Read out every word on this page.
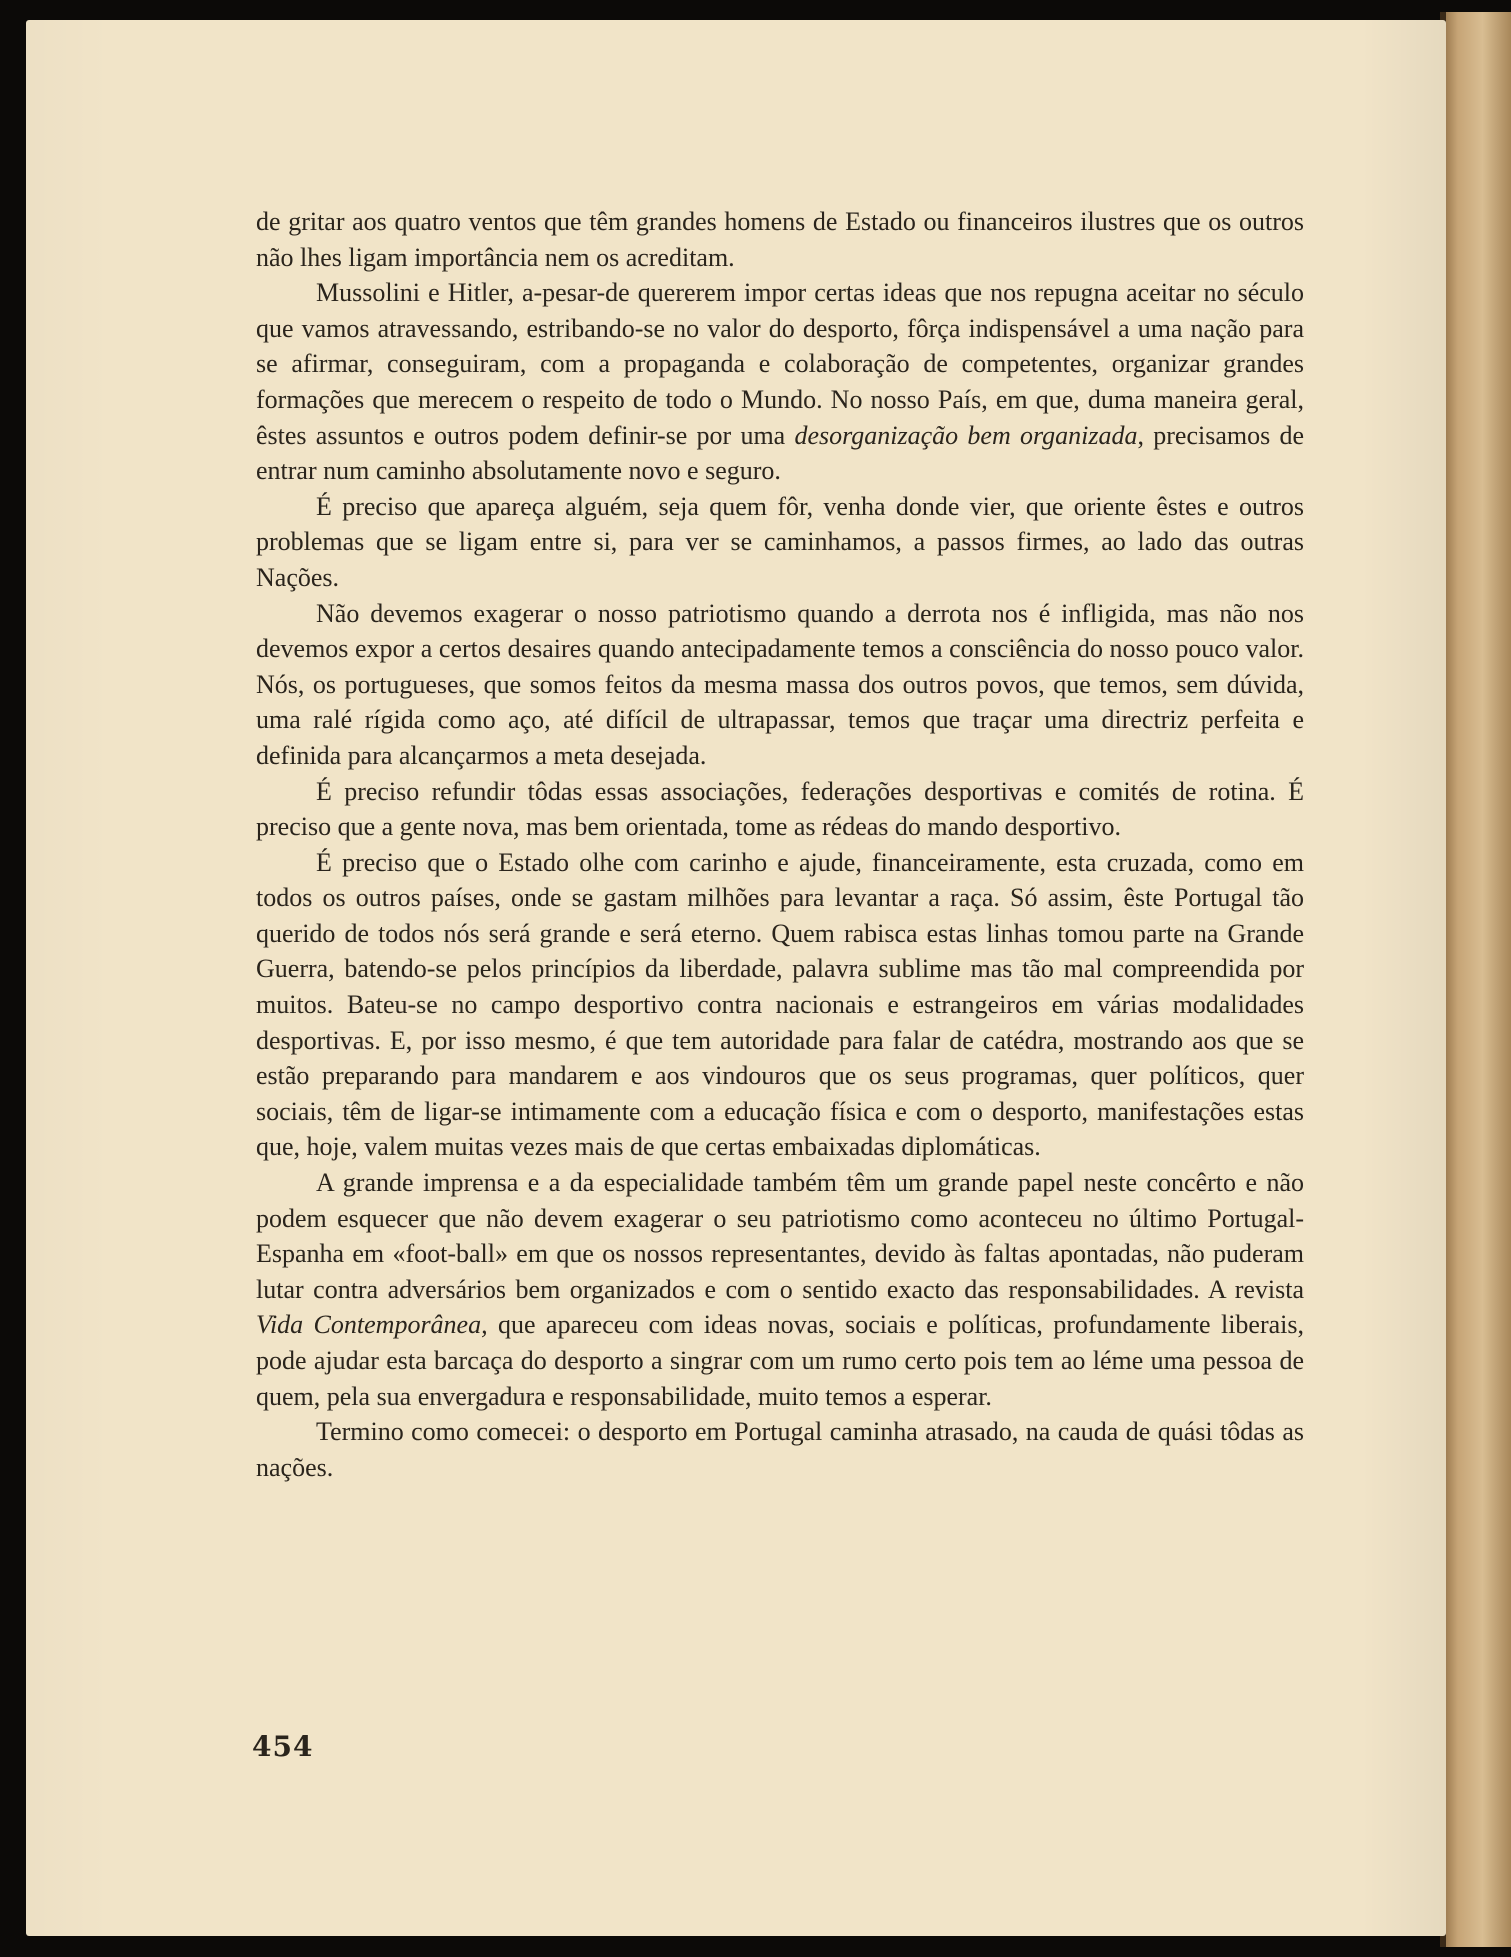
de gritar aos quatro ventos que têm grandes homens de Estado ou financeiros ilustres que os outros não lhes ligam importância nem os acreditam.

Mussolini e Hitler, a-pesar-de quererem impor certas ideas que nos repugna aceitar no século que vamos atravessando, estribando-se no valor do desporto, fôrça indispensável a uma nação para se afirmar, conseguiram, com a propaganda e colaboração de competentes, organizar grandes formações que merecem o respeito de todo o Mundo. No nosso País, em que, duma maneira geral, êstes assuntos e outros podem definir-se por uma desorganização bem organizada, precisamos de entrar num caminho absolutamente novo e seguro.

É preciso que apareça alguém, seja quem fôr, venha donde vier, que oriente êstes e outros problemas que se ligam entre si, para ver se caminhamos, a passos firmes, ao lado das outras Nações.

Não devemos exagerar o nosso patriotismo quando a derrota nos é infligida, mas não nos devemos expor a certos desaires quando antecipadamente temos a consciência do nosso pouco valor. Nós, os portugueses, que somos feitos da mesma massa dos outros povos, que temos, sem dúvida, uma ralé rígida como aço, até difícil de ultrapassar, temos que traçar uma directriz perfeita e definida para alcançarmos a meta desejada.

É preciso refundir tôdas essas associações, federações desportivas e comités de rotina. É preciso que a gente nova, mas bem orientada, tome as rédeas do mando desportivo.

É preciso que o Estado olhe com carinho e ajude, financeiramente, esta cruzada, como em todos os outros países, onde se gastam milhões para levantar a raça. Só assim, êste Portugal tão querido de todos nós será grande e será eterno. Quem rabisca estas linhas tomou parte na Grande Guerra, batendo-se pelos princípios da liberdade, palavra sublime mas tão mal compreendida por muitos. Bateu-se no campo desportivo contra nacionais e estrangeiros em várias modalidades desportivas. E, por isso mesmo, é que tem autoridade para falar de catédra, mostrando aos que se estão preparando para mandarem e aos vindouros que os seus programas, quer políticos, quer sociais, têm de ligar-se intimamente com a educação física e com o desporto, manifestações estas que, hoje, valem muitas vezes mais de que certas embaixadas diplomáticas.

A grande imprensa e a da especialidade também têm um grande papel neste concêrto e não podem esquecer que não devem exagerar o seu patriotismo como aconteceu no último Portugal-Espanha em «foot-ball» em que os nossos representantes, devido às faltas apontadas, não puderam lutar contra adversários bem organizados e com o sentido exacto das responsabilidades. A revista Vida Contemporânea, que apareceu com ideas novas, sociais e políticas, profundamente liberais, pode ajudar esta barcaça do desporto a singrar com um rumo certo pois tem ao léme uma pessoa de quem, pela sua envergadura e responsabilidade, muito temos a esperar.

Termino como comecei: o desporto em Portugal caminha atrasado, na cauda de quási tôdas as nações.

454
